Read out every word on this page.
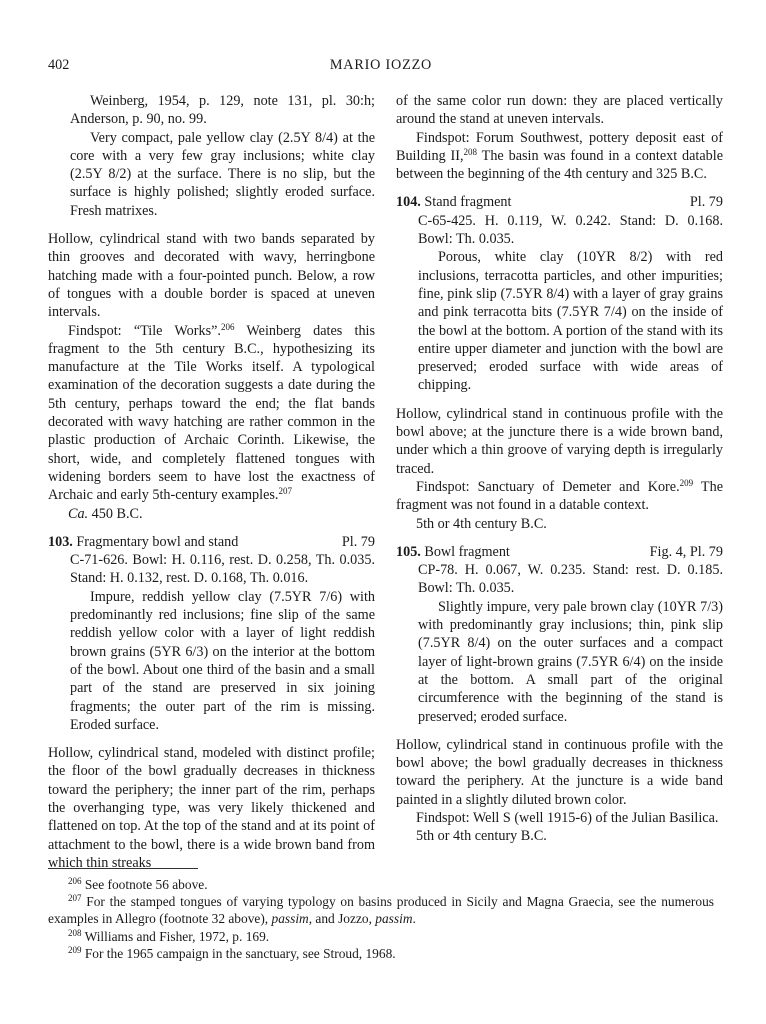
402	MARIO IOZZO

Weinberg, 1954, p. 129, note 131, pl. 30:h; Anderson, p. 90, no. 99.

Very compact, pale yellow clay (2.5Y 8/4) at the core with a very few gray inclusions; white clay (2.5Y 8/2) at the surface. There is no slip, but the surface is highly polished; slightly eroded surface. Fresh matrixes.

Hollow, cylindrical stand with two bands separated by thin grooves and decorated with wavy, herringbone hatching made with a four-pointed punch. Below, a row of tongues with a double border is spaced at uneven intervals.

Findspot: “Tile Works”.$^{206}$ Weinberg dates this fragment to the 5th century B.C., hypothesizing its manufacture at the Tile Works itself. A typological examination of the decoration suggests a date during the 5th century, perhaps toward the end; the flat bands decorated with wavy hatching are rather common in the plastic production of Archaic Corinth. Likewise, the short, wide, and completely flattened tongues with widening borders seem to have lost the exactness of Archaic and early 5th-century examples.$^{207}$

Ca. 450 B.C.

103. Fragmentary bowl and stand	Pl. 79

C-71-626. Bowl: H. 0.116, rest. D. 0.258, Th. 0.035. Stand: H. 0.132, rest. D. 0.168, Th. 0.016.

Impure, reddish yellow clay (7.5YR 7/6) with predominantly red inclusions; fine slip of the same reddish yellow color with a layer of light reddish brown grains (5YR 6/3) on the interior at the bottom of the bowl. About one third of the basin and a small part of the stand are preserved in six joining fragments; the outer part of the rim is missing. Eroded surface.

Hollow, cylindrical stand, modeled with distinct profile; the floor of the bowl gradually decreases in thickness toward the periphery; the inner part of the rim, perhaps the overhanging type, was very likely thickened and flattened on top. At the top of the stand and at its point of attachment to the bowl, there is a wide brown band from which thin streaks

of the same color run down: they are placed vertically around the stand at uneven intervals.

Findspot: Forum Southwest, pottery deposit east of Building II,$^{208}$ The basin was found in a context datable between the beginning of the 4th century and 325 B.C.

104. Stand fragment	Pl. 79

C-65-425. H. 0.119, W. 0.242. Stand: D. 0.168. Bowl: Th. 0.035.

Porous, white clay (10YR 8/2) with red inclusions, terracotta particles, and other impurities; fine, pink slip (7.5YR 8/4) with a layer of gray grains and pink terracotta bits (7.5YR 7/4) on the inside of the bowl at the bottom. A portion of the stand with its entire upper diameter and junction with the bowl are preserved; eroded surface with wide areas of chipping.

Hollow, cylindrical stand in continuous profile with the bowl above; at the juncture there is a wide brown band, under which a thin groove of varying depth is irregularly traced.

Findspot: Sanctuary of Demeter and Kore.$^{209}$ The fragment was not found in a datable context.

5th or 4th century B.C.

105. Bowl fragment	Fig. 4, Pl. 79

CP-78. H. 0.067, W. 0.235. Stand: rest. D. 0.185. Bowl: Th. 0.035.

Slightly impure, very pale brown clay (10YR 7/3) with predominantly gray inclusions; thin, pink slip (7.5YR 8/4) on the outer surfaces and a compact layer of light-brown grains (7.5YR 6/4) on the inside at the bottom. A small part of the original circumference with the beginning of the stand is preserved; eroded surface.

Hollow, cylindrical stand in continuous profile with the bowl above; the bowl gradually decreases in thickness toward the periphery. At the juncture is a wide band painted in a slightly diluted brown color.

Findspot: Well S (well 1915-6) of the Julian Basilica.

5th or 4th century B.C.

$^{206}$ See footnote 56 above.

$^{207}$ For the stamped tongues of varying typology on basins produced in Sicily and Magna Graecia, see the numerous examples in Allegro (footnote 32 above), passim, and Jozzo, passim.

$^{208}$ Williams and Fisher, 1972, p. 169.

$^{209}$ For the 1965 campaign in the sanctuary, see Stroud, 1968.
